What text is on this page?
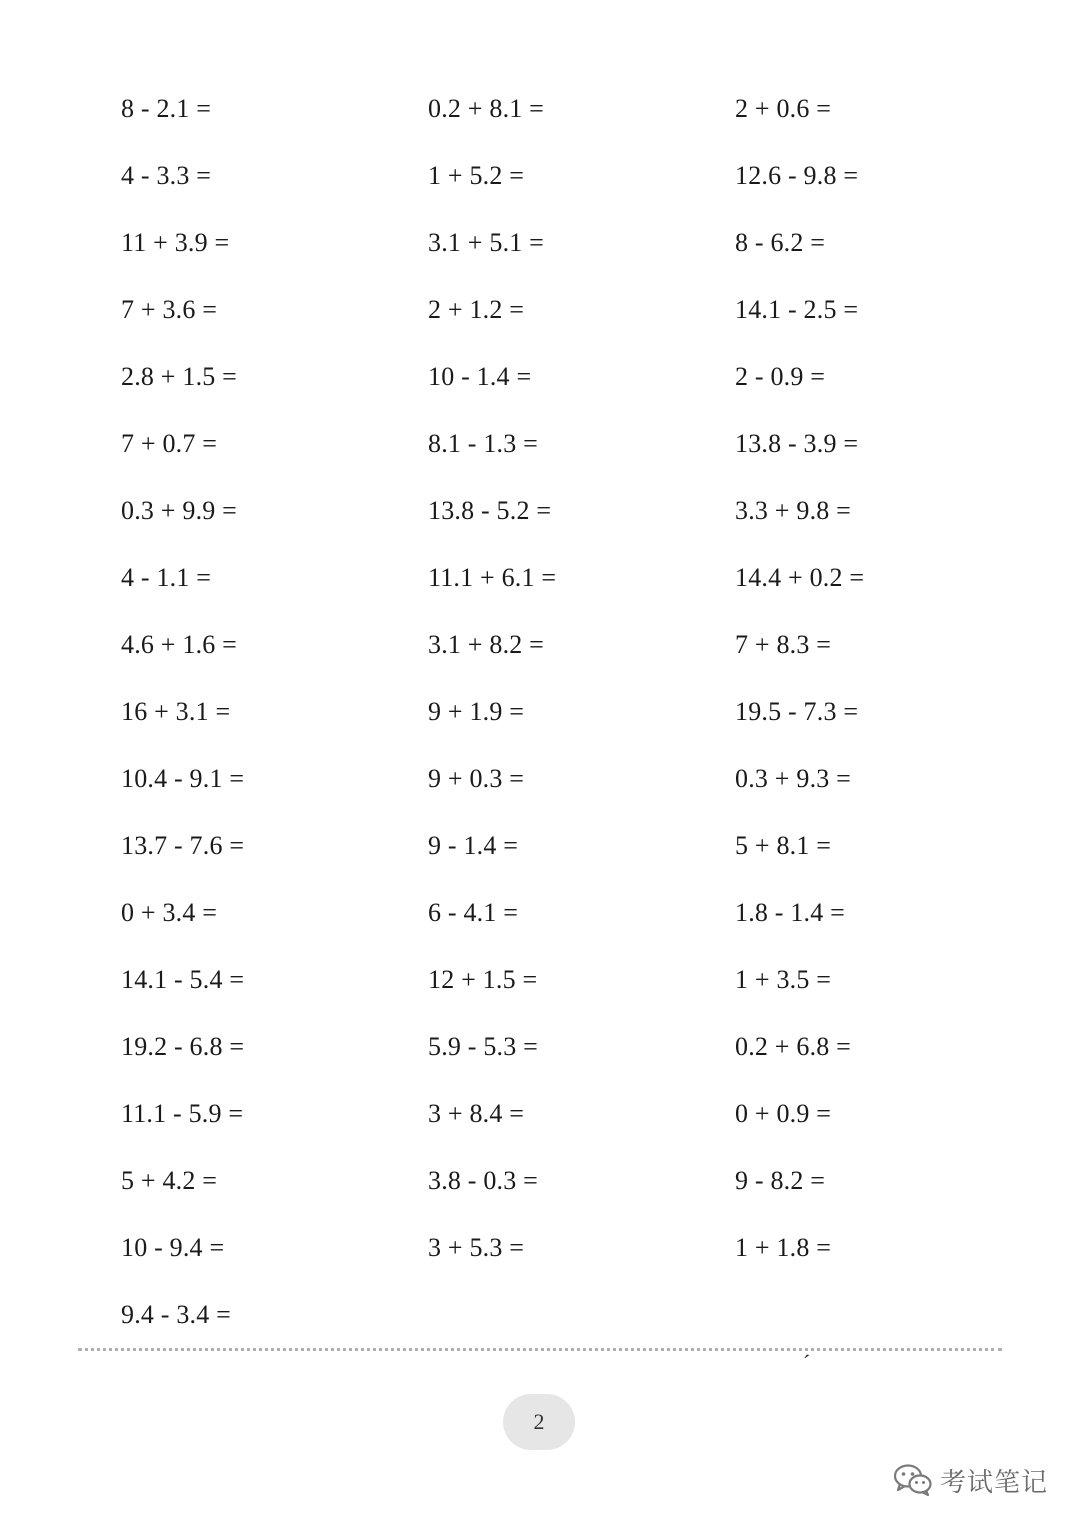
8 - 2.1 =	0.2 + 8.1 =	2 + 0.6 =
4 - 3.3 =	1 + 5.2 =	12.6 - 9.8 =
11 + 3.9 =	3.1 + 5.1 =	8 - 6.2 =
7 + 3.6 =	2 + 1.2 =	14.1 - 2.5 =
2.8 + 1.5 =	10 - 1.4 =	2 - 0.9 =
7 + 0.7 =	8.1 - 1.3 =	13.8 - 3.9 =
0.3 + 9.9 =	13.8 - 5.2 =	3.3 + 9.8 =
4 - 1.1 =	11.1 + 6.1 =	14.4 + 0.2 =
4.6 + 1.6 =	3.1 + 8.2 =	7 + 8.3 =
16 + 3.1 =	9 + 1.9 =	19.5 - 7.3 =
10.4 - 9.1 =	9 + 0.3 =	0.3 + 9.3 =
13.7 - 7.6 =	9 - 1.4 =	5 + 8.1 =
0 + 3.4 =	6 - 4.1 =	1.8 - 1.4 =
14.1 - 5.4 =	12 + 1.5 =	1 + 3.5 =
19.2 - 6.8 =	5.9 - 5.3 =	0.2 + 6.8 =
11.1 - 5.9 =	3 + 8.4 =	0 + 0.9 =
5 + 4.2 =	3.8 - 0.3 =	9 - 8.2 =
10 - 9.4 =	3 + 5.3 =	1 + 1.8 =
9.4 - 3.4 =
ˊ
2
考试笔记
